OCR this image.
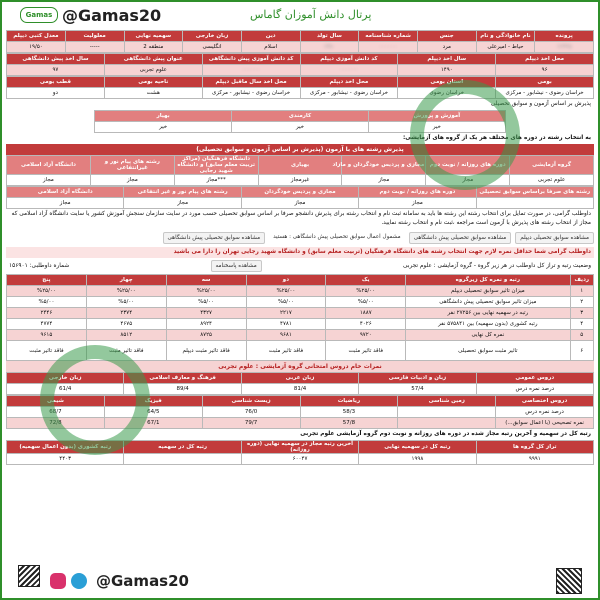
Gamas @Gamas20	پرتال دانش آموزان گاماس
پرونده	نام خانوادگی و نام	جنس	شماره شناسنامه	سال تولد	دین	زبان خارجی	سهمیه نهایی	معلولیت	معدل کتبی دیپلم
۱۲۳۴۵	حیاط - امیرعلی	مرد	۰۰۰۰۰۰	۱۳۸۰	اسلام	انگلیسی	منطقه 2	-----	۱۹/۵۰
محل اخذ دیپلم	سال اخذ دیپلم	کد دانش آموزی دیپلم	کد دانش آموزی پیش دانشگاهی	عنوان پیش دانشگاهی	سال اخذ پیش دانشگاهی
۹۶	۱۴۹۰	۰۰۰۰۰۰	۰۰۰۰۰۰	علوم تجربی	۹۷
بومی	استان بومی	محل اخذ دیپلم	محل اخذ سال ماقبل دیپلم	ناحیه بومی	قطب بومی
خراسان رضوی - نیشابور - مرکزی	خراسان رضوی	خراسان رضوی - نیشابور - مرکزی	خراسان رضوی - نیشابور - مرکزی	هشت	دو
پذیرش بر اساس آزمون و سوابق تحصیلی
آموزش و پرورش	کارمندی	بهیار
خیر	خیر	خیر
به انتخاب رشته در دوره های مختلف هر یک از گروه های آزمایشی:
پذیرش رشته های با آزمون (پذیرش بر اساس آزمون و سوابق تحصیلی)
گروه آزمایشی	دوره های روزانه / نوبت دوم	مجازی و پردیس خودگردان و مازاد	بهیاری	دانشگاه فرهنگیان (مراکز تربیت معلم سابق) و دانشگاه شهید رجایی	رشته های پیام نور و غیرانتفاعی	دانشگاه آزاد اسلامی
علوم تجربی	مجاز	مجاز	غیرمجاز	***مجاز	مجاز	مجاز
رشته های صرفا براساس سوابق تحصیلی	دوره های روزانه / نوبت دوم	مجازی و پردیس خودگردان	رشته های پیام نور و غیر انتفاعی	دانشگاه آزاد اسلامی
	مجاز	مجاز	مجاز	مجاز
داوطلب گرامی، در صورت تمایل برای انتخاب رشته این رشته ها باید به سامانه ثبت نام و انتخاب رشته برای پذیرش دانشجو صرفا بر اساس سوابق تحصیلی حسب مورد در سایت سازمان سنجش آموزش کشور یا سایت دانشگاه آزاد اسلامی که مجاز از انتخاب رشته های پذیرش با آزمون است مراجعه ،ثبت نام و انتخاب رشته نمایید.
مشاهده سوابق تحصیلی دیپلم
مشاهده سوابق تحصیلی پیش دانشگاهی
مشمول اعمال سوابق تحصیلی پیش دانشگاهی : هستید
مشاهده سوابق تحصیلی پیش دانشگاهی
داوطلب گرامی شما حداقل نمره لازم جهت انتخاب رشته های دانشگاه فرهنگیان (تربیت معلم سابق) و دانشگاه شهید رجایی تهران را دارا می باشید
وضعیت رتبه و تراز کل داوطلب در هر زیر گروه - گروه آزمایشی : علوم تجربی
مشاهده پاسخنامه
شماره داوطلبی: ۱۵۶۹۰۱
ردیف	رتبه و نمره کل زیرگروه	یک	دو	سه	چهار	پنج
۱	میزان تاثیر سوابق تحصیلی دیپلم	%۲۵/۰۰	%۲۵/۰۰	%۲۵/۰۰	%۲۵/۰۰	%۲۵/۰۰
۲	میزان تاثیر سوابق تحصیلی پیش دانشگاهی	%۵/۰۰	%۵/۰۰	%۵/۰۰	%۵/۰۰	%۵/۰۰
۳	رتبه در سهمیه نهایی بین ۲۷۲۵۶ نفر	۱۸۸۷	۲۲۱۷	۴۳۲۷	۲۳۷۴	۲۴۴۶
۴	رتبه کشوری (بدون سهمیه) بین ۵۷۵۸۴۱ نفر	۴۰۲۶	۴۷۸۱	۸۹۲۴	۴۶۷۵	۴۷۷۴
۵	نمره کل نهایی	۹۷۲۰	۹۶۸۱	۸۷۲۵	۸۵۱۲	۹۶۱۵
۶	تاثیر مثبت سوابق تحصیلی	فاقد تاثیر مثبت	فاقد تاثیر مثبت	فاقد تاثیر مثبت دیپلم	فاقد تاثیر مثبت	فاقد تاثیر مثبت
نمرات خام دروس امتحانی گروه آزمایشی : علوم تجربی
دروس عمومی	زبان و ادبیات فارسی	زبان عربی	فرهنگ و معارف اسلامی	زبان خارجی
درصد نمره درس	57/4	81/4	89/4	61/4
دروس اختصاصی	زمین شناسی	ریاضیات	زیست شناسی	فیزیک	شیمی
درصد نمره درس		58/3	76/0	64/5	68/7
نمره تصحیحی (با اعمال سوابق...)		57/8	79/7	67/1	72/8
رتبه کل در سهمیه و آخرین رتبه مجاز شده در دوره های روزانه و نوبت دوم گروه آزمایشی علوم تجربی
تراز کل گروه ها	رتبه کل در سهمیه نهایی	آخرین رتبه مجاز در سهمیه نهایی (دوره روزانه)	رتبه کل در سهمیه	رتبه کشوری (بدون اعمال سهمیه)
۹۹۹۱	۱۹۹۸	۶۰۰۴۷		۴۴۰۳
@Gamas20
